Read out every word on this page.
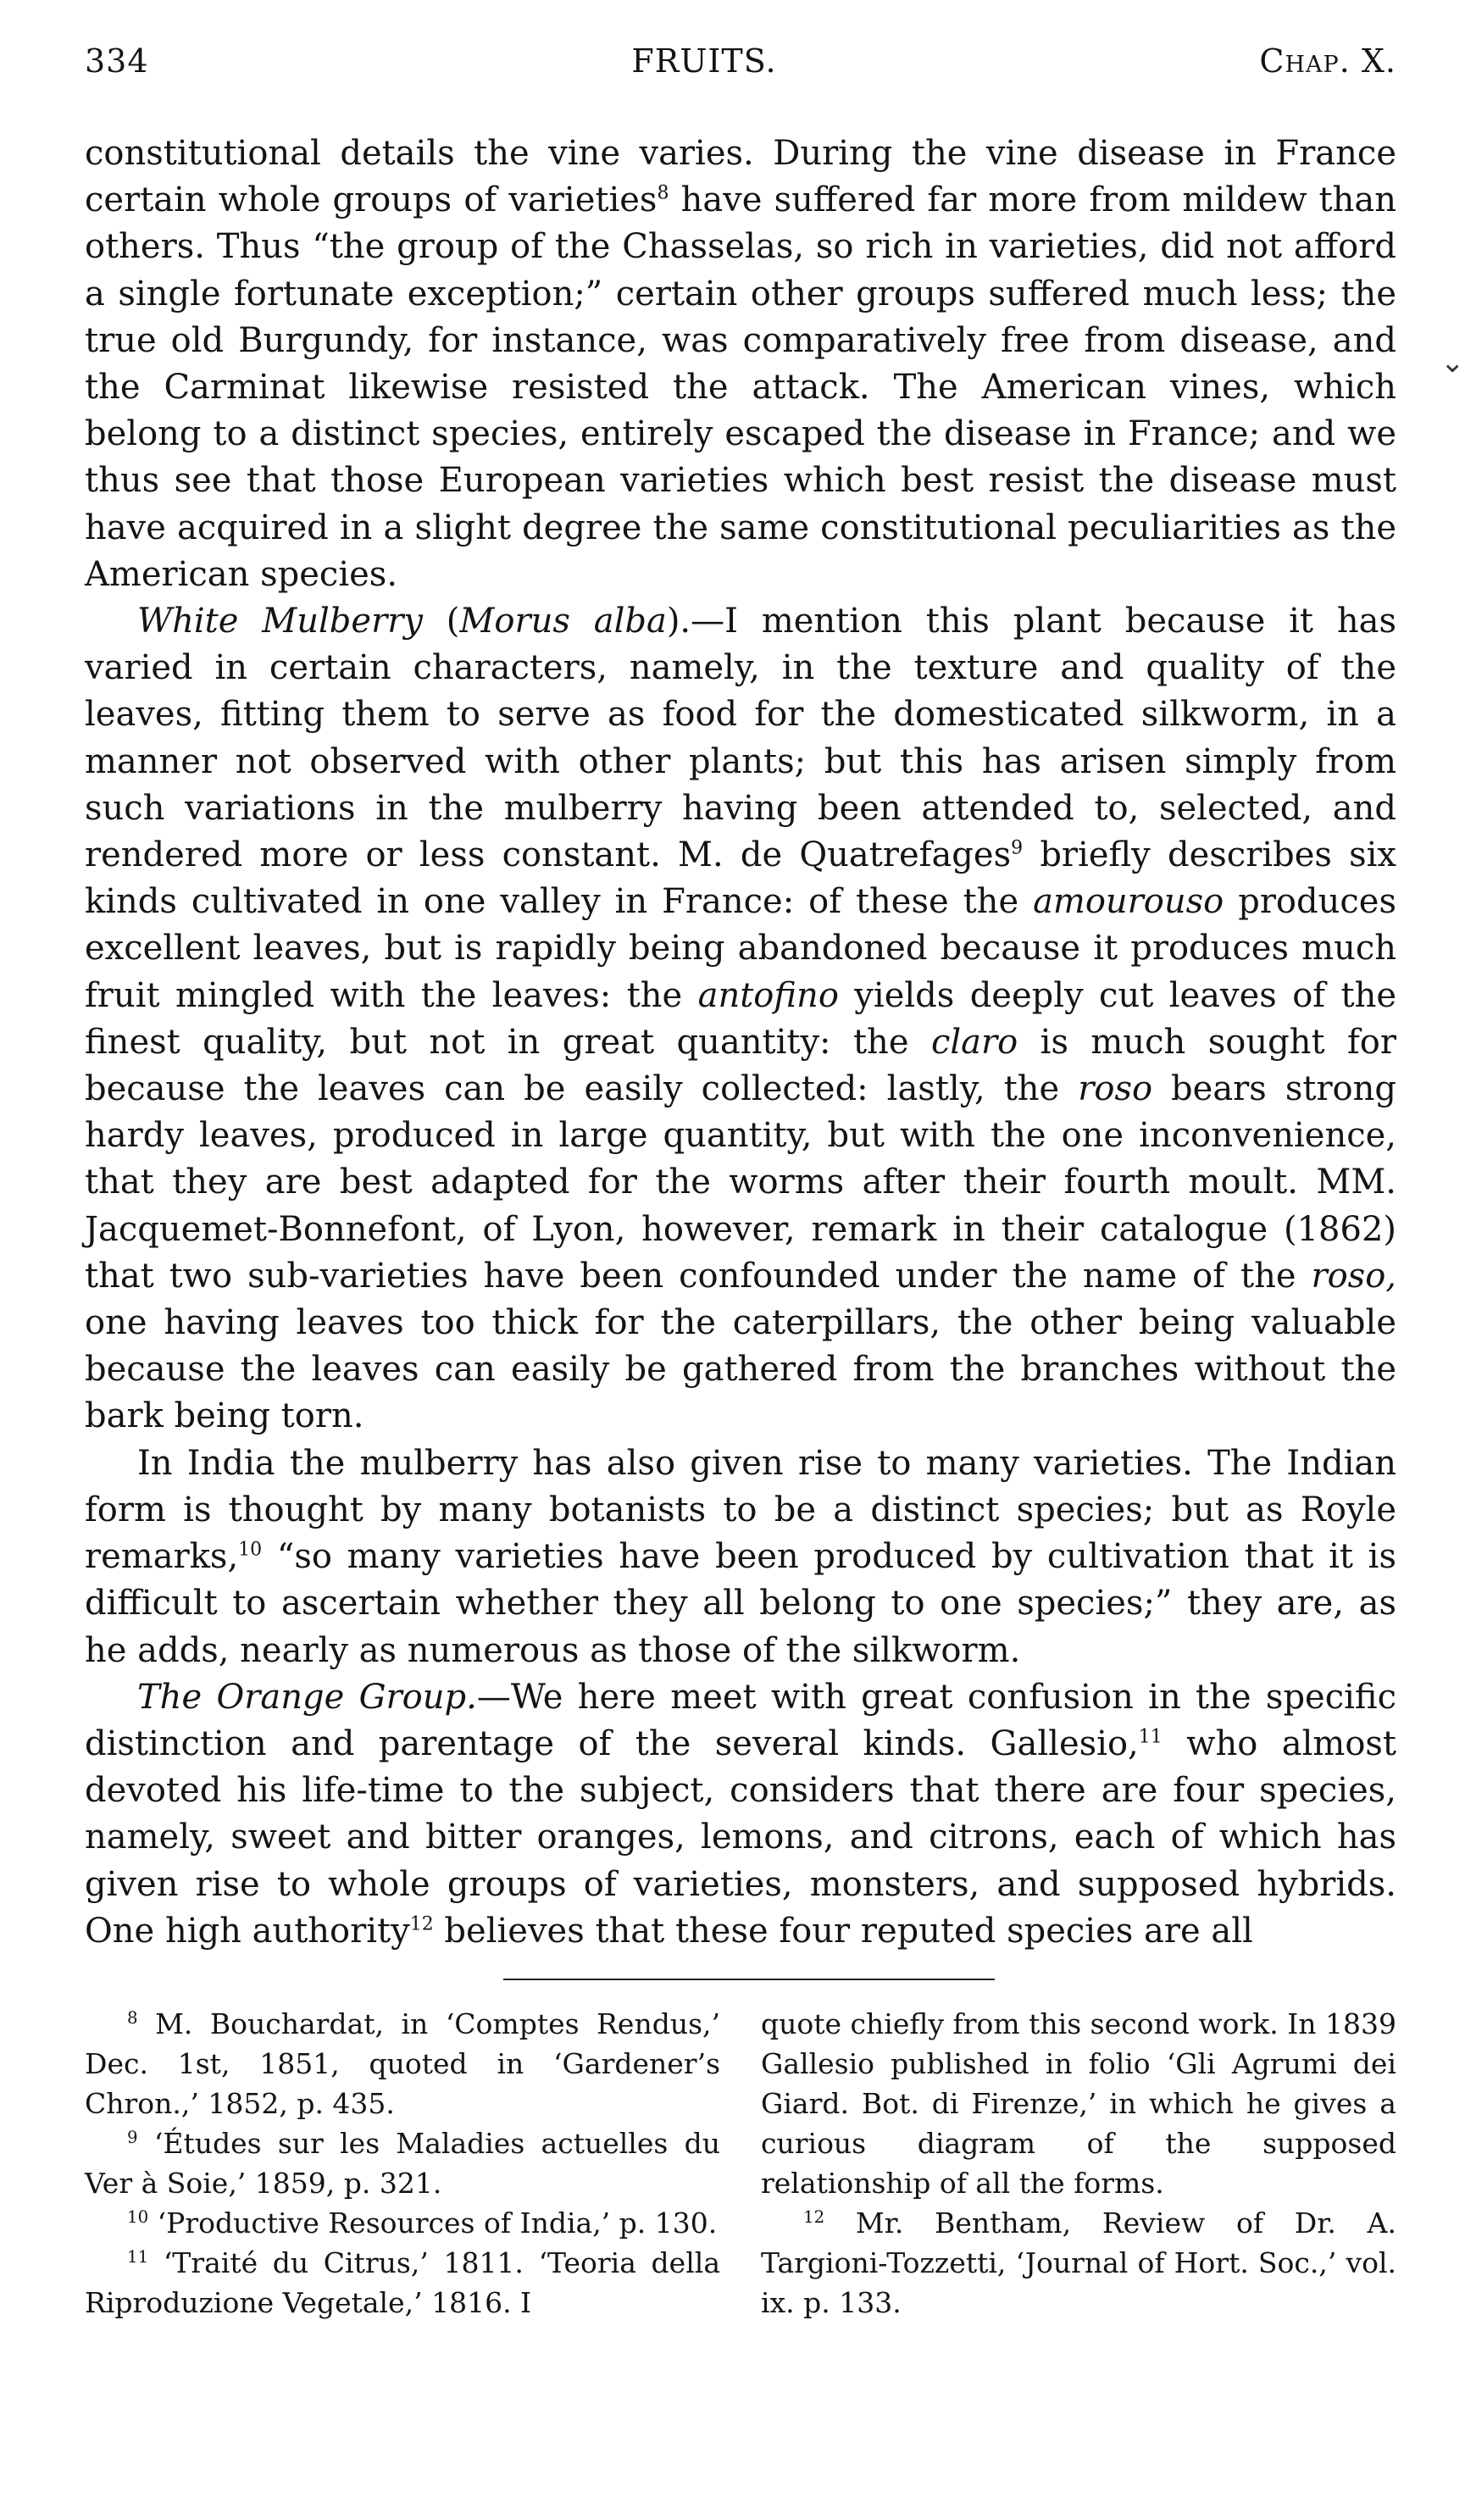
⌄
334	FRUITS.	Chap. X.

constitutional details the vine varies. During the vine disease in France certain whole groups of varieties$^8$ have suffered far more from mildew than others. Thus “the group of the Chasselas, so rich in varieties, did not afford a single fortunate exception;” certain other groups suffered much less; the true old Burgundy, for instance, was comparatively free from disease, and the Carminat likewise resisted the attack. The American vines, which belong to a distinct species, entirely escaped the disease in France; and we thus see that those European varieties which best resist the disease must have acquired in a slight degree the same constitutional peculiarities as the American species.

White Mulberry (Morus alba).—I mention this plant because it has varied in certain characters, namely, in the texture and quality of the leaves, fitting them to serve as food for the domesticated silkworm, in a manner not observed with other plants; but this has arisen simply from such variations in the mulberry having been attended to, selected, and rendered more or less constant. M. de Quatrefages$^9$ briefly describes six kinds cultivated in one valley in France: of these the amourouso produces excellent leaves, but is rapidly being abandoned because it produces much fruit mingled with the leaves: the antofino yields deeply cut leaves of the finest quality, but not in great quantity: the claro is much sought for because the leaves can be easily collected: lastly, the roso bears strong hardy leaves, produced in large quantity, but with the one inconvenience, that they are best adapted for the worms after their fourth moult. MM. Jacquemet-Bonnefont, of Lyon, however, remark in their catalogue (1862) that two sub-varieties have been confounded under the name of the roso, one having leaves too thick for the caterpillars, the other being valuable because the leaves can easily be gathered from the branches without the bark being torn.

In India the mulberry has also given rise to many varieties. The Indian form is thought by many botanists to be a distinct species; but as Royle remarks,$^{10}$ “so many varieties have been produced by cultivation that it is difficult to ascertain whether they all belong to one species;” they are, as he adds, nearly as numerous as those of the silkworm.

The Orange Group.—We here meet with great confusion in the specific distinction and parentage of the several kinds. Gallesio,$^{11}$ who almost devoted his life-time to the subject, considers that there are four species, namely, sweet and bitter oranges, lemons, and citrons, each of which has given rise to whole groups of varieties, monsters, and supposed hybrids. One high authority$^{12}$ believes that these four reputed species are all

$^8$ M. Bouchardat, in ‘Comptes Rendus,’ Dec. 1st, 1851, quoted in ‘Gardener’s Chron.,’ 1852, p. 435.

$^9$ ‘Études sur les Maladies actuelles du Ver à Soie,’ 1859, p. 321.

$^{10}$ ‘Productive Resources of India,’ p. 130.

$^{11}$ ‘Traité du Citrus,’ 1811. ‘Teoria della Riproduzione Vegetale,’ 1816. I

quote chiefly from this second work. In 1839 Gallesio published in folio ‘Gli Agrumi dei Giard. Bot. di Firenze,’ in which he gives a curious diagram of the supposed relationship of all the forms.

$^{12}$ Mr. Bentham, Review of Dr. A. Targioni-Tozzetti, ‘Journal of Hort. Soc.,’ vol. ix. p. 133.
